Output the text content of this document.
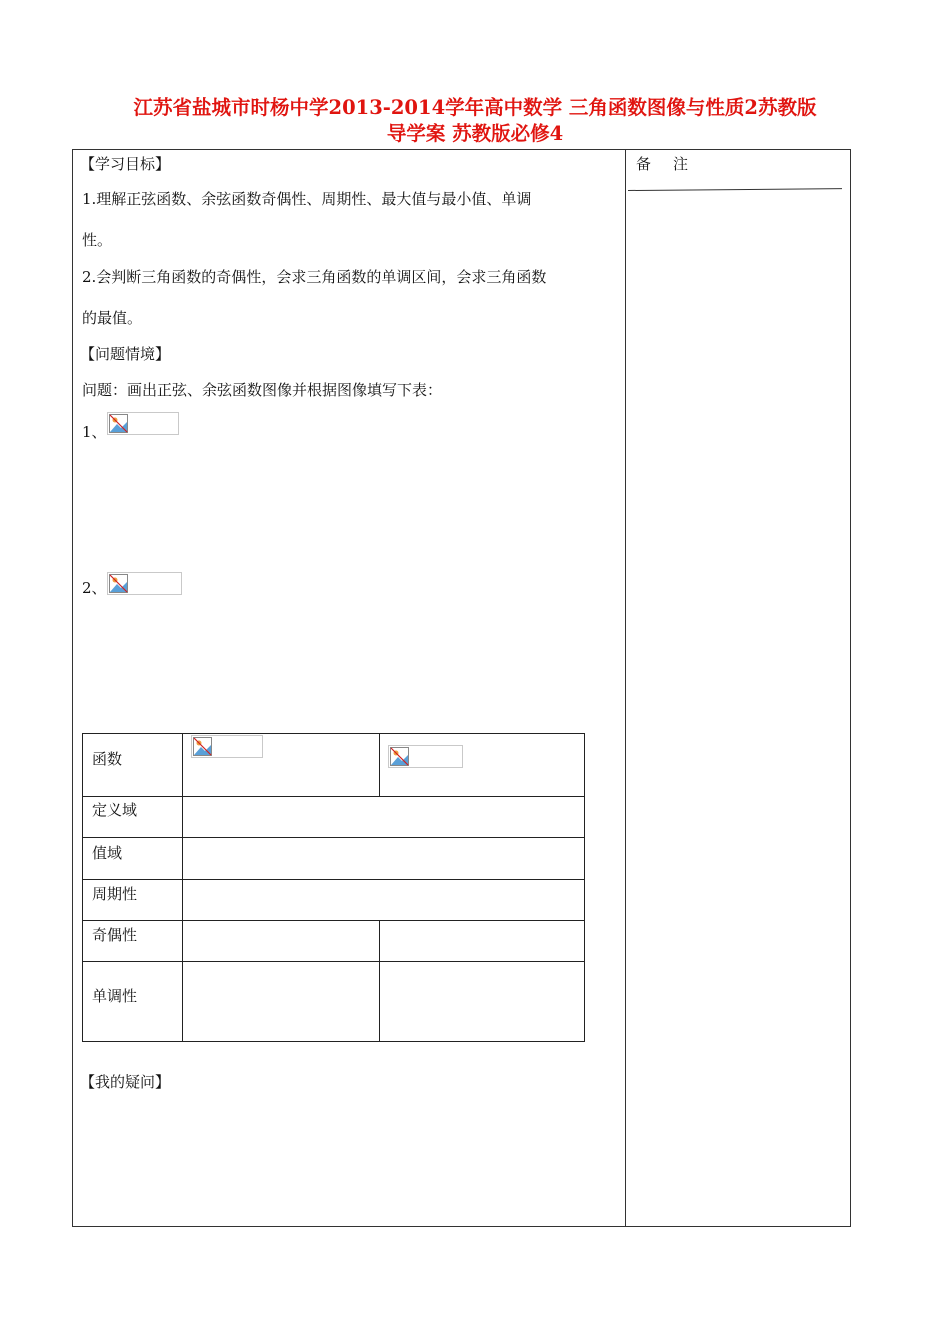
江苏省盐城市时杨中学2013-2014学年高中数学 三角函数图像与性质2苏教版
导学案 苏教版必修4
备注
【学习目标】
1.理解正弦函数、余弦函数奇偶性、周期性、最大值与最小值、单调
性。
2.会判断三角函数的奇偶性，会求三角函数的单调区间，会求三角函数
的最值。
【问题情境】
问题：画出正弦、余弦函数图像并根据图像填写下表：
1、
2、
函数
定义域
值域
周期性
奇偶性
单调性
【我的疑问】
